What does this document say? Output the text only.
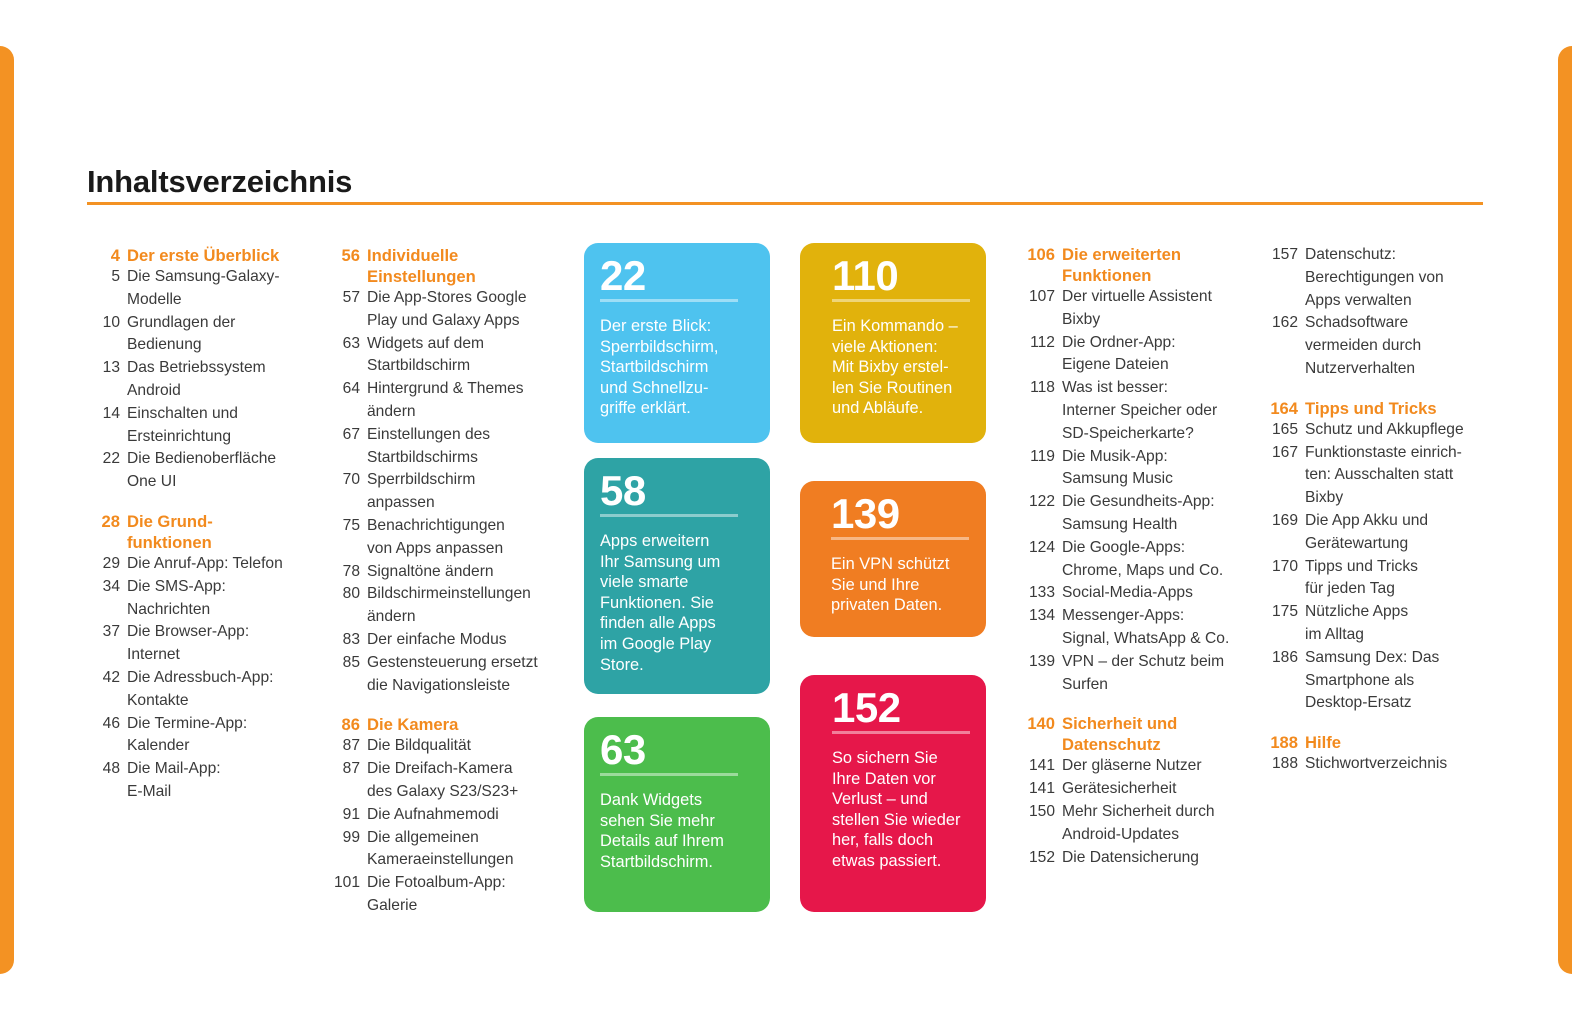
Inhaltsverzeichnis
4 Der erste Überblick
5 Die Samsung-Galaxy-
Modelle
10 Grundlagen der
Bedienung
13 Das Betriebssystem
Android
14 Einschalten und
Ersteinrichtung
22 Die Bedienoberfläche
One UI
28 Die Grund-
funktionen
29 Die Anruf-App: Telefon
34 Die SMS-App:
Nachrichten
37 Die Browser-App:
Internet
42 Die Adressbuch-App:
Kontakte
46 Die Termine-App:
Kalender
48 Die Mail-App:
E-Mail
56 Individuelle
Einstellungen
57 Die App-Stores Google
Play und Galaxy Apps
63 Widgets auf dem
Startbildschirm
64 Hintergrund & Themes
ändern
67 Einstellungen des
Startbildschirms
70 Sperrbildschirm
anpassen
75 Benachrichtigungen
von Apps anpassen
78 Signaltöne ändern
80 Bildschirmeinstellungen
ändern
83 Der einfache Modus
85 Gestensteuerung ersetzt
die Navigationsleiste
86 Die Kamera
87 Die Bildqualität
87 Die Dreifach-Kamera
des Galaxy S23/S23+
91 Die Aufnahmemodi
99 Die allgemeinen
Kameraeinstellungen
101 Die Fotoalbum-App:
Galerie
106 Die erweiterten
Funktionen
107 Der virtuelle Assistent
Bixby
112 Die Ordner-App:
Eigene Dateien
118 Was ist besser:
Interner Speicher oder
SD-Speicherkarte?
119 Die Musik-App:
Samsung Music
122 Die Gesundheits-App:
Samsung Health
124 Die Google-Apps:
Chrome, Maps und Co.
133 Social-Media-Apps
134 Messenger-Apps:
Signal, WhatsApp & Co.
139 VPN – der Schutz beim
Surfen
140 Sicherheit und
Datenschutz
141 Der gläserne Nutzer
141 Gerätesicherheit
150 Mehr Sicherheit durch
Android-Updates
152 Die Datensicherung
157 Datenschutz:
Berechtigungen von
Apps verwalten
162 Schadsoftware
vermeiden durch
Nutzerverhalten
164 Tipps und Tricks
165 Schutz und Akkupflege
167 Funktionstaste einrich-
ten: Ausschalten statt
Bixby
169 Die App Akku und
Gerätewartung
170 Tipps und Tricks
für jeden Tag
175 Nützliche Apps
im Alltag
186 Samsung Dex: Das
Smartphone als
Desktop-Ersatz
188 Hilfe
188 Stichwortverzeichnis
22
Der erste Blick:
Sperrbildschirm,
Startbildschirm
und Schnellzu-
griffe erklärt.
58
Apps erweitern
Ihr Samsung um
viele smarte
Funktionen. Sie
finden alle Apps
im Google Play
Store.
63
Dank Widgets
sehen Sie mehr
Details auf Ihrem
Startbildschirm.
110
Ein Kommando –
viele Aktionen:
Mit Bixby erstel-
len Sie Routinen
und Abläufe.
139
Ein VPN schützt
Sie und Ihre
privaten Daten.
152
So sichern Sie
Ihre Daten vor
Verlust – und
stellen Sie wieder
her, falls doch
etwas passiert.
